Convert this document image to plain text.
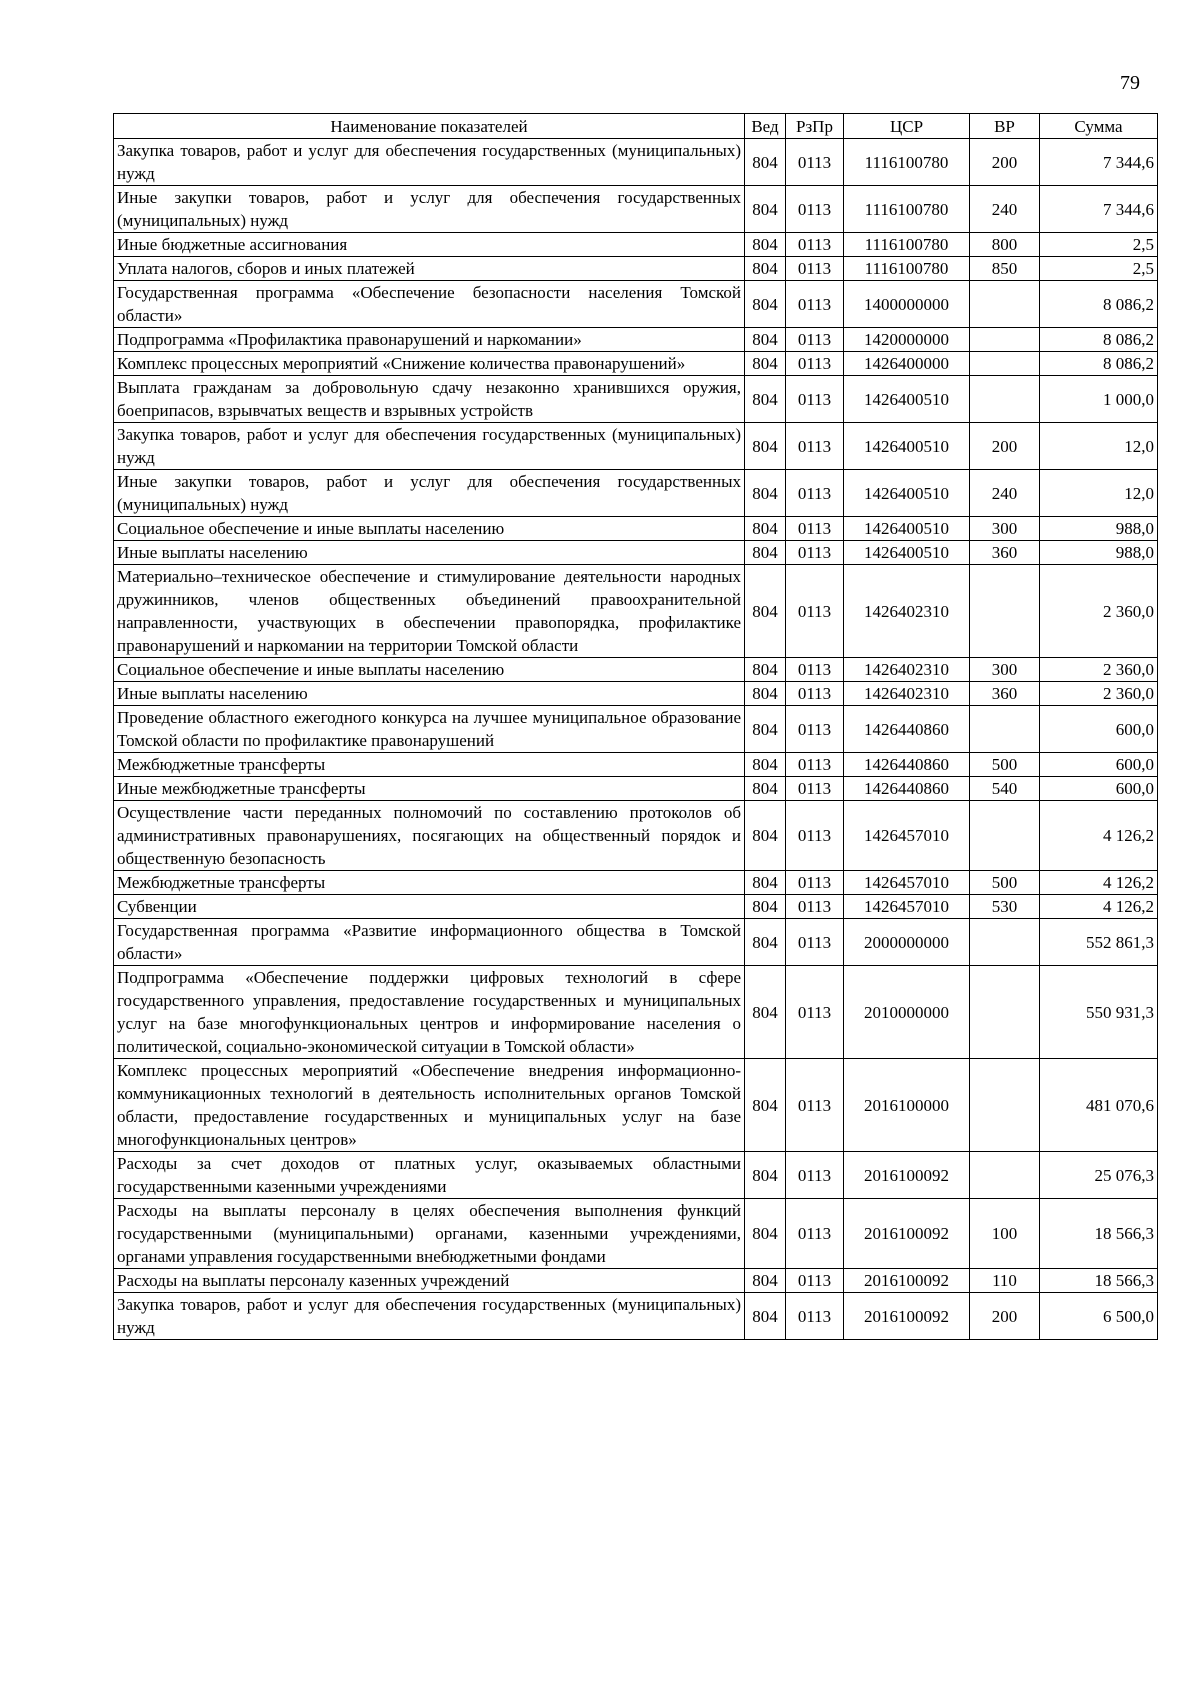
79
Наименование показателей	Вед	РзПр	ЦСР	ВР	Сумма
Закупка товаров, работ и услуг для обеспечения государственных (муниципальных) нужд	804	0113	1116100780	200	7 344,6
Иные закупки товаров, работ и услуг для обеспечения государственных (муниципальных) нужд	804	0113	1116100780	240	7 344,6
Иные бюджетные ассигнования	804	0113	1116100780	800	2,5
Уплата налогов, сборов и иных платежей	804	0113	1116100780	850	2,5
Государственная программа «Обеспечение безопасности населения Томской области»	804	0113	1400000000		8 086,2
Подпрограмма «Профилактика правонарушений и наркомании»	804	0113	1420000000		8 086,2
Комплекс процессных мероприятий «Снижение количества правонарушений»	804	0113	1426400000		8 086,2
Выплата гражданам за добровольную сдачу незаконно хранившихся оружия, боеприпасов, взрывчатых веществ и взрывных устройств	804	0113	1426400510		1 000,0
Закупка товаров, работ и услуг для обеспечения государственных (муниципальных) нужд	804	0113	1426400510	200	12,0
Иные закупки товаров, работ и услуг для обеспечения государственных (муниципальных) нужд	804	0113	1426400510	240	12,0
Социальное обеспечение и иные выплаты населению	804	0113	1426400510	300	988,0
Иные выплаты населению	804	0113	1426400510	360	988,0
Материально–техническое обеспечение и стимулирование деятельности народных дружинников, членов общественных объединений правоохранительной направленности, участвующих в обеспечении правопорядка, профилактике правонарушений и наркомании на территории Томской области	804	0113	1426402310		2 360,0
Социальное обеспечение и иные выплаты населению	804	0113	1426402310	300	2 360,0
Иные выплаты населению	804	0113	1426402310	360	2 360,0
Проведение областного ежегодного конкурса на лучшее муниципальное образование Томской области по профилактике правонарушений	804	0113	1426440860		600,0
Межбюджетные трансферты	804	0113	1426440860	500	600,0
Иные межбюджетные трансферты	804	0113	1426440860	540	600,0
Осуществление части переданных полномочий по составлению протоколов об административных правонарушениях, посягающих на общественный порядок и общественную безопасность	804	0113	1426457010		4 126,2
Межбюджетные трансферты	804	0113	1426457010	500	4 126,2
Субвенции	804	0113	1426457010	530	4 126,2
Государственная программа «Развитие информационного общества в Томской области»	804	0113	2000000000		552 861,3
Подпрограмма «Обеспечение поддержки цифровых технологий в сфере государственного управления, предоставление государственных и муниципальных услуг на базе многофункциональных центров и информирование населения о политической, социально-экономической ситуации в Томской области»	804	0113	2010000000		550 931,3
Комплекс процессных мероприятий «Обеспечение внедрения информационно-коммуникационных технологий в деятельность исполнительных органов Томской области, предоставление государственных и муниципальных услуг на базе многофункциональных центров»	804	0113	2016100000		481 070,6
Расходы за счет доходов от платных услуг, оказываемых областными государственными казенными учреждениями	804	0113	2016100092		25 076,3
Расходы на выплаты персоналу в целях обеспечения выполнения функций государственными (муниципальными) органами, казенными учреждениями, органами управления государственными внебюджетными фондами	804	0113	2016100092	100	18 566,3
Расходы на выплаты персоналу казенных учреждений	804	0113	2016100092	110	18 566,3
Закупка товаров, работ и услуг для обеспечения государственных (муниципальных) нужд	804	0113	2016100092	200	6 500,0
